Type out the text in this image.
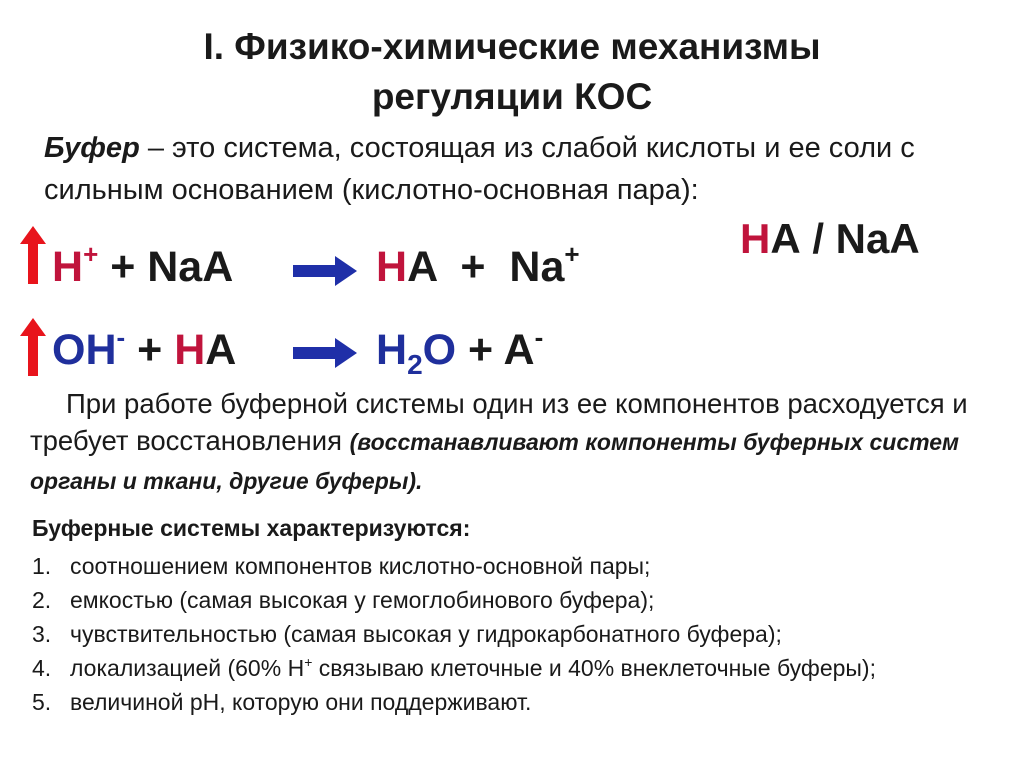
I. Физико-химические механизмы
регуляции КОС
Буфер – это система, состоящая из слабой кислоты и ее соли с сильным основанием (кислотно-основная пара):
НА / NaA
H+ + NaA	HA  +  Na+
OH- + HA	$H_2O + A^-$
При работе буферной системы один из ее компонентов расходуется и требует восстановления (восстанавливают компоненты буферных систем органы и ткани, другие буферы).
Буферные системы характеризуются:
1. соотношением компонентов кислотно-основной пары;
2. емкостью (самая высокая у гемоглобинового буфера);
3. чувствительностью (самая высокая у гидрокарбонатного буфера);
4. локализацией (60% Н+ связываю клеточные и 40% внеклеточные буферы);
5. величиной рН, которую они поддерживают.
